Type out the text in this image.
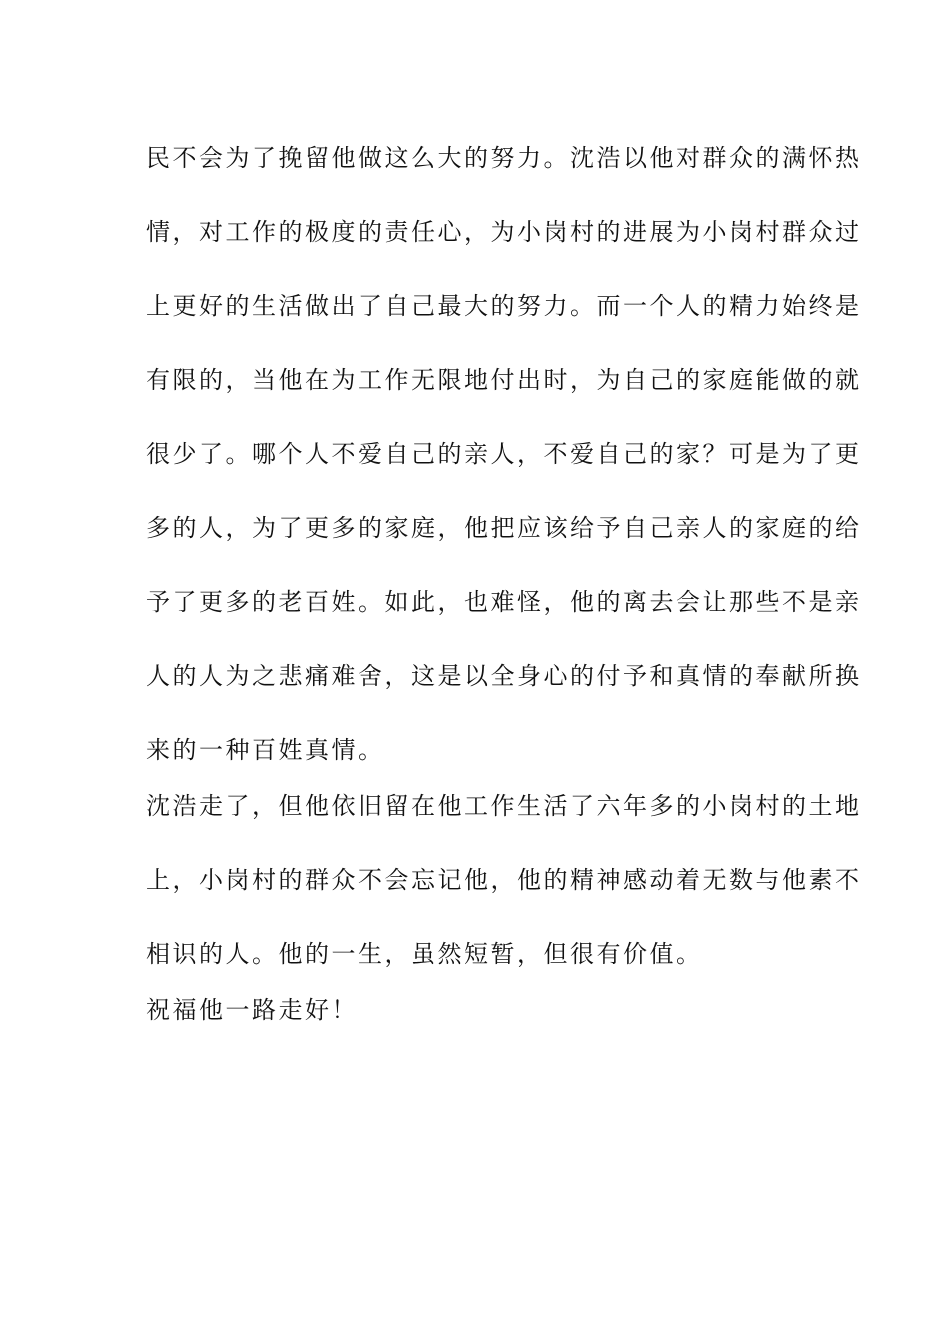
民不会为了挽留他做这么大的努力。沈浩以他对群众的满怀热
情，对工作的极度的责任心，为小岗村的进展为小岗村群众过
上更好的生活做出了自己最大的努力。而一个人的精力始终是
有限的，当他在为工作无限地付出时，为自己的家庭能做的就
很少了。哪个人不爱自己的亲人，不爱自己的家？可是为了更
多的人，为了更多的家庭，他把应该给予自己亲人的家庭的给
予了更多的老百姓。如此，也难怪，他的离去会让那些不是亲
人的人为之悲痛难舍，这是以全身心的付予和真情的奉献所换
来的一种百姓真情。
沈浩走了，但他依旧留在他工作生活了六年多的小岗村的土地
上，小岗村的群众不会忘记他，他的精神感动着无数与他素不
相识的人。他的一生，虽然短暂，但很有价值。
祝福他一路走好！
